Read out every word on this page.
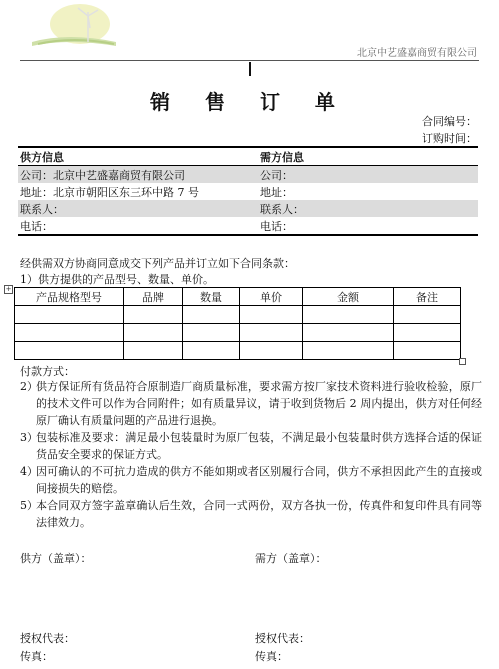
北京中艺盛嘉商贸有限公司
销 售 订 单
合同编号：
订购时间：
供方信息	需方信息
公司：北京中艺盛嘉商贸有限公司	公司：
地址：北京市朝阳区东三环中路 7 号	地址：
联系人：	联系人：
电话：	电话：
经供需双方协商同意成交下列产品并订立如下合同条款：
1）供方提供的产品型号、数量、单价。
+
产品规格型号	品牌	数量	单价	金额	备注

付款方式：
2）
供方保证所有货品符合原制造厂商质量标准，要求需方按厂家技术资料进行验收检验，原厂的技术文件可以作为合同附件；如有质量异议，请于收到货物后 2 周内提出，供方对任何经原厂确认有质量问题的产品进行退换。
3）
包装标准及要求：满足最小包装量时为原厂包装，不满足最小包装量时供方选择合适的保证货品安全要求的保证方式。
4）
因可确认的不可抗力造成的供方不能如期或者区别履行合同，供方不承担因此产生的直接或间接损失的赔偿。
5）
本合同双方签字盖章确认后生效，合同一式两份，双方各执一份，传真件和复印件具有同等法律效力。
供方（盖章）：	需方（盖章）：
授权代表：	授权代表：
传真：	传真：
